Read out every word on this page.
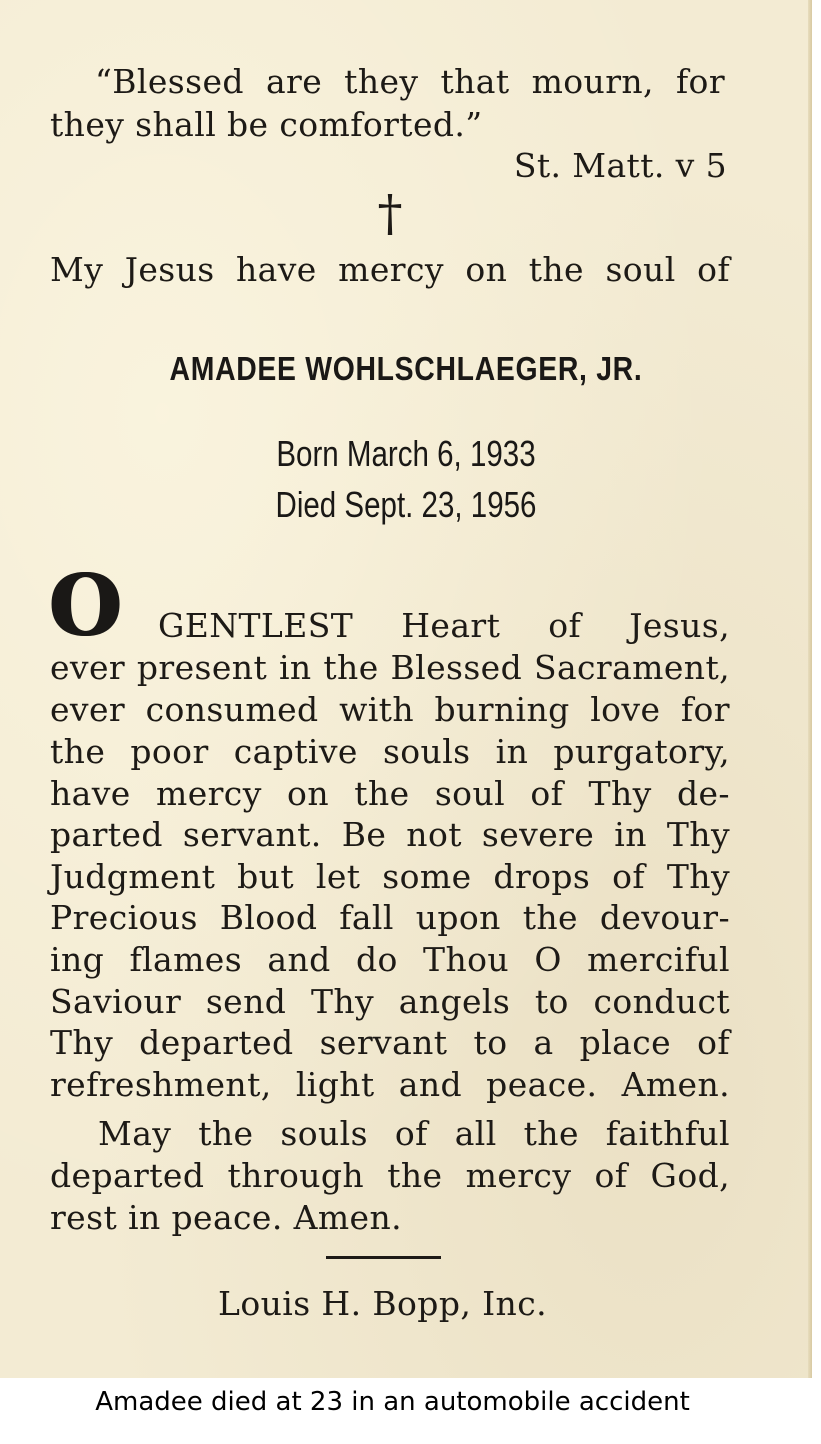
“Blessed are they that mourn, for
they shall be comforted.”
St. Matt. v 5
†
My Jesus have mercy on the soul of
AMADEE WOHLSCHLAEGER, JR.
Born March 6, 1933
Died Sept. 23, 1956
O	GENTLEST Heart of Jesus,
ever present in the Blessed Sacrament,
ever consumed with burning love for
the poor captive souls in purgatory,
have mercy on the soul of Thy de-
parted servant. Be not severe in Thy
Judgment but let some drops of Thy
Precious Blood fall upon the devour-
ing flames and do Thou O merciful
Saviour send Thy angels to conduct
Thy departed servant to a place of
refreshment, light and peace. Amen.
May the souls of all the faithful
departed through the mercy of God,
rest in peace. Amen.
Louis H. Bopp, Inc.
Amadee died at 23 in an automobile accident
